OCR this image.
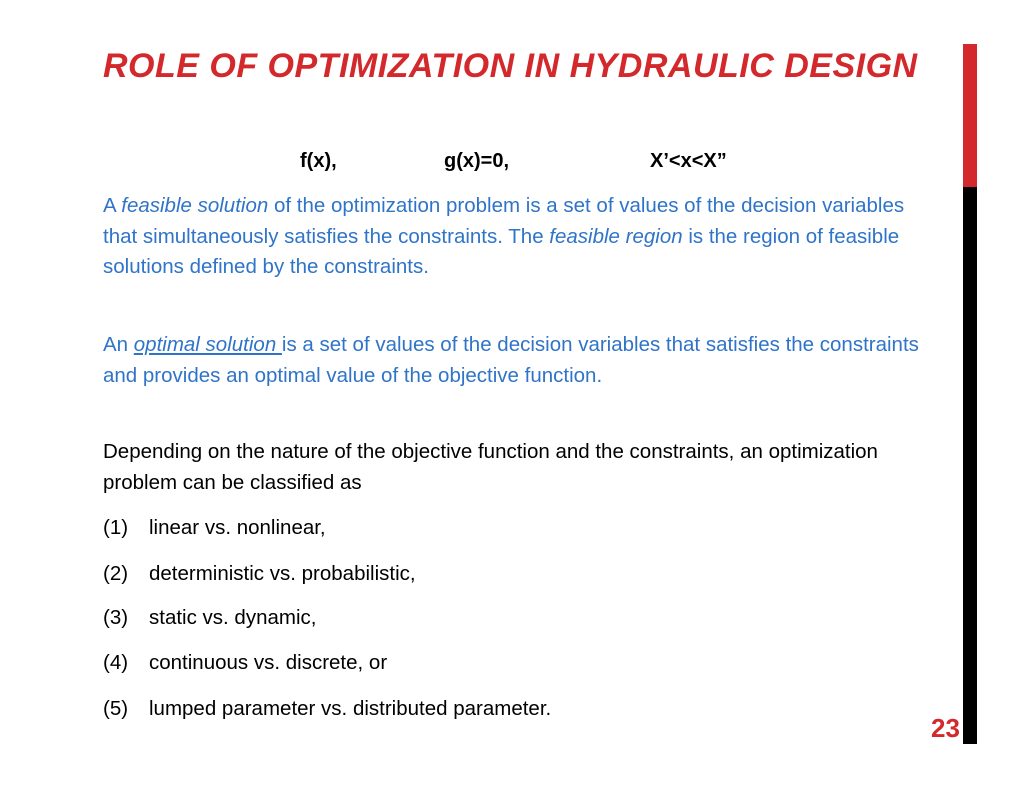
ROLE OF OPTIMIZATION IN HYDRAULIC DESIGN
f(x),	g(x)=0,	X’<x<X”

A feasible solution of the optimization problem is a set of values of the decision variables that simultaneously satisfies the constraints. The feasible region is the region of feasible solutions defined by the constraints.

An optimal solution is a set of values of the decision variables that satisfies the constraints and provides an optimal value of the objective function.

Depending on the nature of the objective function and the constraints, an optimization problem can be classified as

(1) linear vs. nonlinear,
(2) deterministic vs. probabilistic,
(3) static vs. dynamic,
(4) continuous vs. discrete, or
(5) lumped parameter vs. distributed parameter.
23
